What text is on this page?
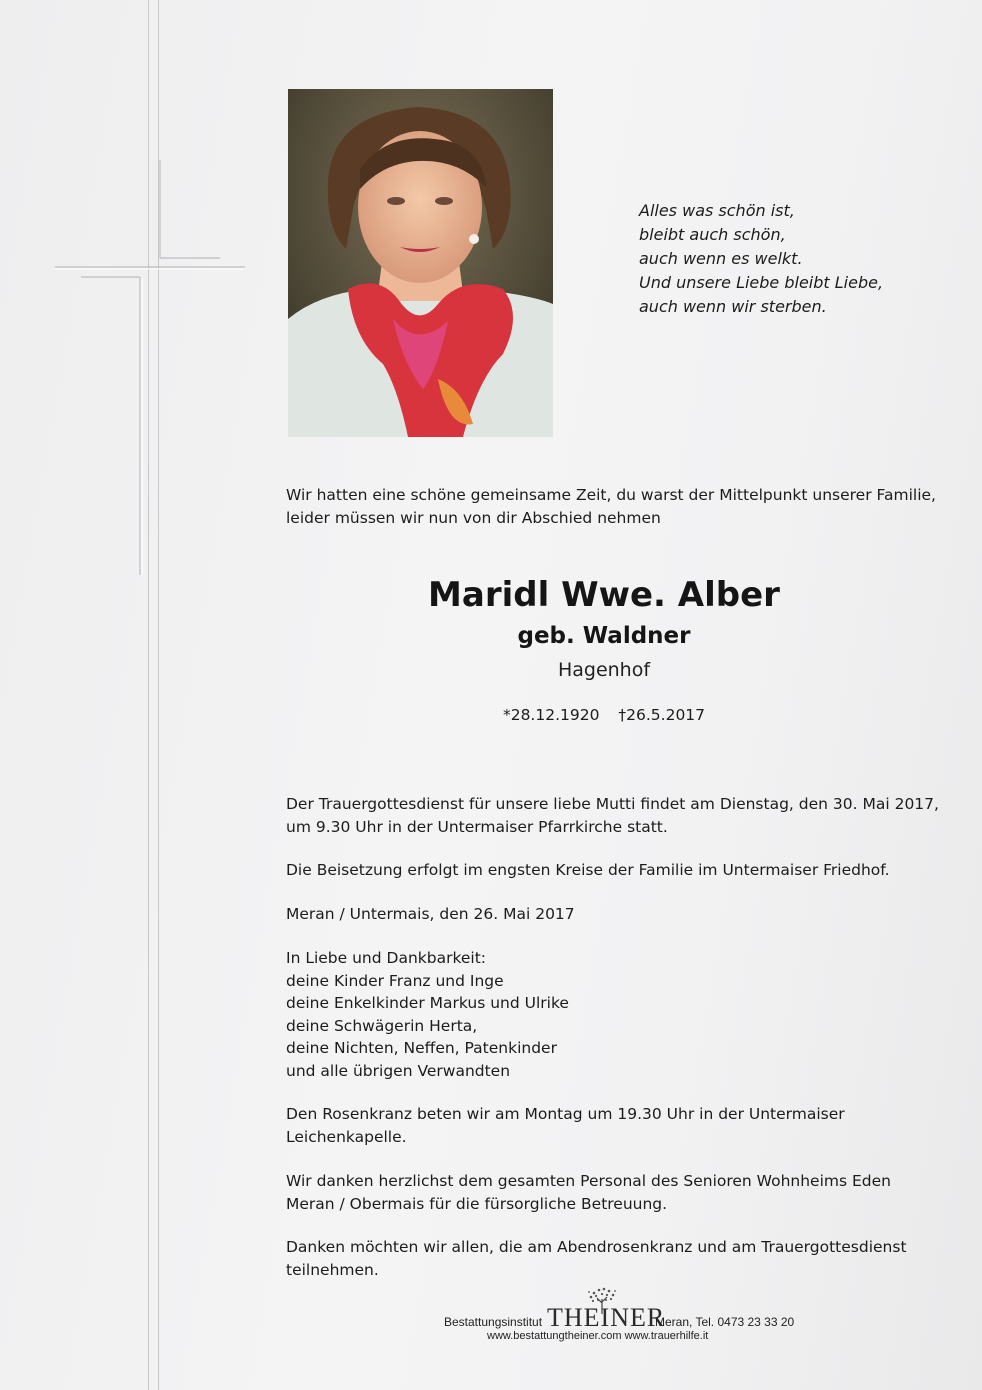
Alles was schön ist,
bleibt auch schön,
auch wenn es welkt.
Und unsere Liebe bleibt Liebe,
auch wenn wir sterben.
Wir hatten eine schöne gemeinsame Zeit, du warst der Mittelpunkt unserer Familie,
leider müssen wir nun von dir Abschied nehmen
Maridl Wwe. Alber
geb. Waldner
Hagenhof
*28.12.1920 †26.5.2017
Der Trauergottesdienst für unsere liebe Mutti findet am Dienstag, den 30. Mai 2017,
um 9.30 Uhr in der Untermaiser Pfarrkirche statt.
Die Beisetzung erfolgt im engsten Kreise der Familie im Untermaiser Friedhof.
Meran / Untermais, den 26. Mai 2017
In Liebe und Dankbarkeit:
deine Kinder Franz und Inge
deine Enkelkinder Markus und Ulrike
deine Schwägerin Herta,
deine Nichten, Neffen, Patenkinder
und alle übrigen Verwandten
Den Rosenkranz beten wir am Montag um 19.30 Uhr in der Untermaiser
Leichenkapelle.
Wir danken herzlichst dem gesamten Personal des Senioren Wohnheims Eden
Meran / Obermais für die fürsorgliche Betreuung.
Danken möchten wir allen, die am Abendrosenkranz und am Trauergottesdienst
teilnehmen.
Bestattungsinstitut THEINER
Meran, Tel. 0473 23 33 20
www.bestattungtheiner.com www.trauerhilfe.it
